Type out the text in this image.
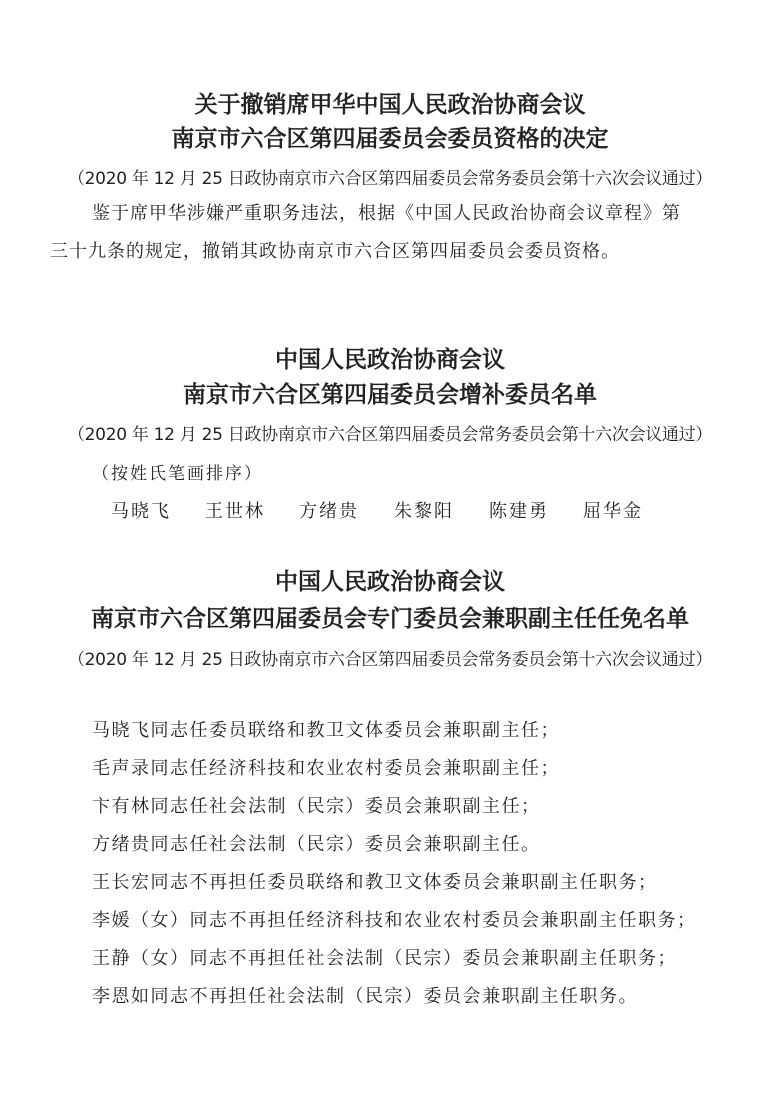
关于撤销席甲华中国人民政治协商会议
南京市六合区第四届委员会委员资格的决定
（2020 年 12 月 25 日政协南京市六合区第四届委员会常务委员会第十六次会议通过）
鉴于席甲华涉嫌严重职务违法，根据《中国人民政治协商会议章程》第
三十九条的规定，撤销其政协南京市六合区第四届委员会委员资格。
中国人民政治协商会议
南京市六合区第四届委员会增补委员名单
（2020 年 12 月 25 日政协南京市六合区第四届委员会常务委员会第十六次会议通过）
（按姓氏笔画排序）
马晓飞 王世林 方绪贵 朱黎阳 陈建勇 屈华金
中国人民政治协商会议
南京市六合区第四届委员会专门委员会兼职副主任任免名单
（2020 年 12 月 25 日政协南京市六合区第四届委员会常务委员会第十六次会议通过）
马晓飞同志任委员联络和教卫文体委员会兼职副主任；
毛声录同志任经济科技和农业农村委员会兼职副主任；
卞有林同志任社会法制（民宗）委员会兼职副主任；
方绪贵同志任社会法制（民宗）委员会兼职副主任。
王长宏同志不再担任委员联络和教卫文体委员会兼职副主任职务；
李媛（女）同志不再担任经济科技和农业农村委员会兼职副主任职务；
王静（女）同志不再担任社会法制（民宗）委员会兼职副主任职务；
李恩如同志不再担任社会法制（民宗）委员会兼职副主任职务。
